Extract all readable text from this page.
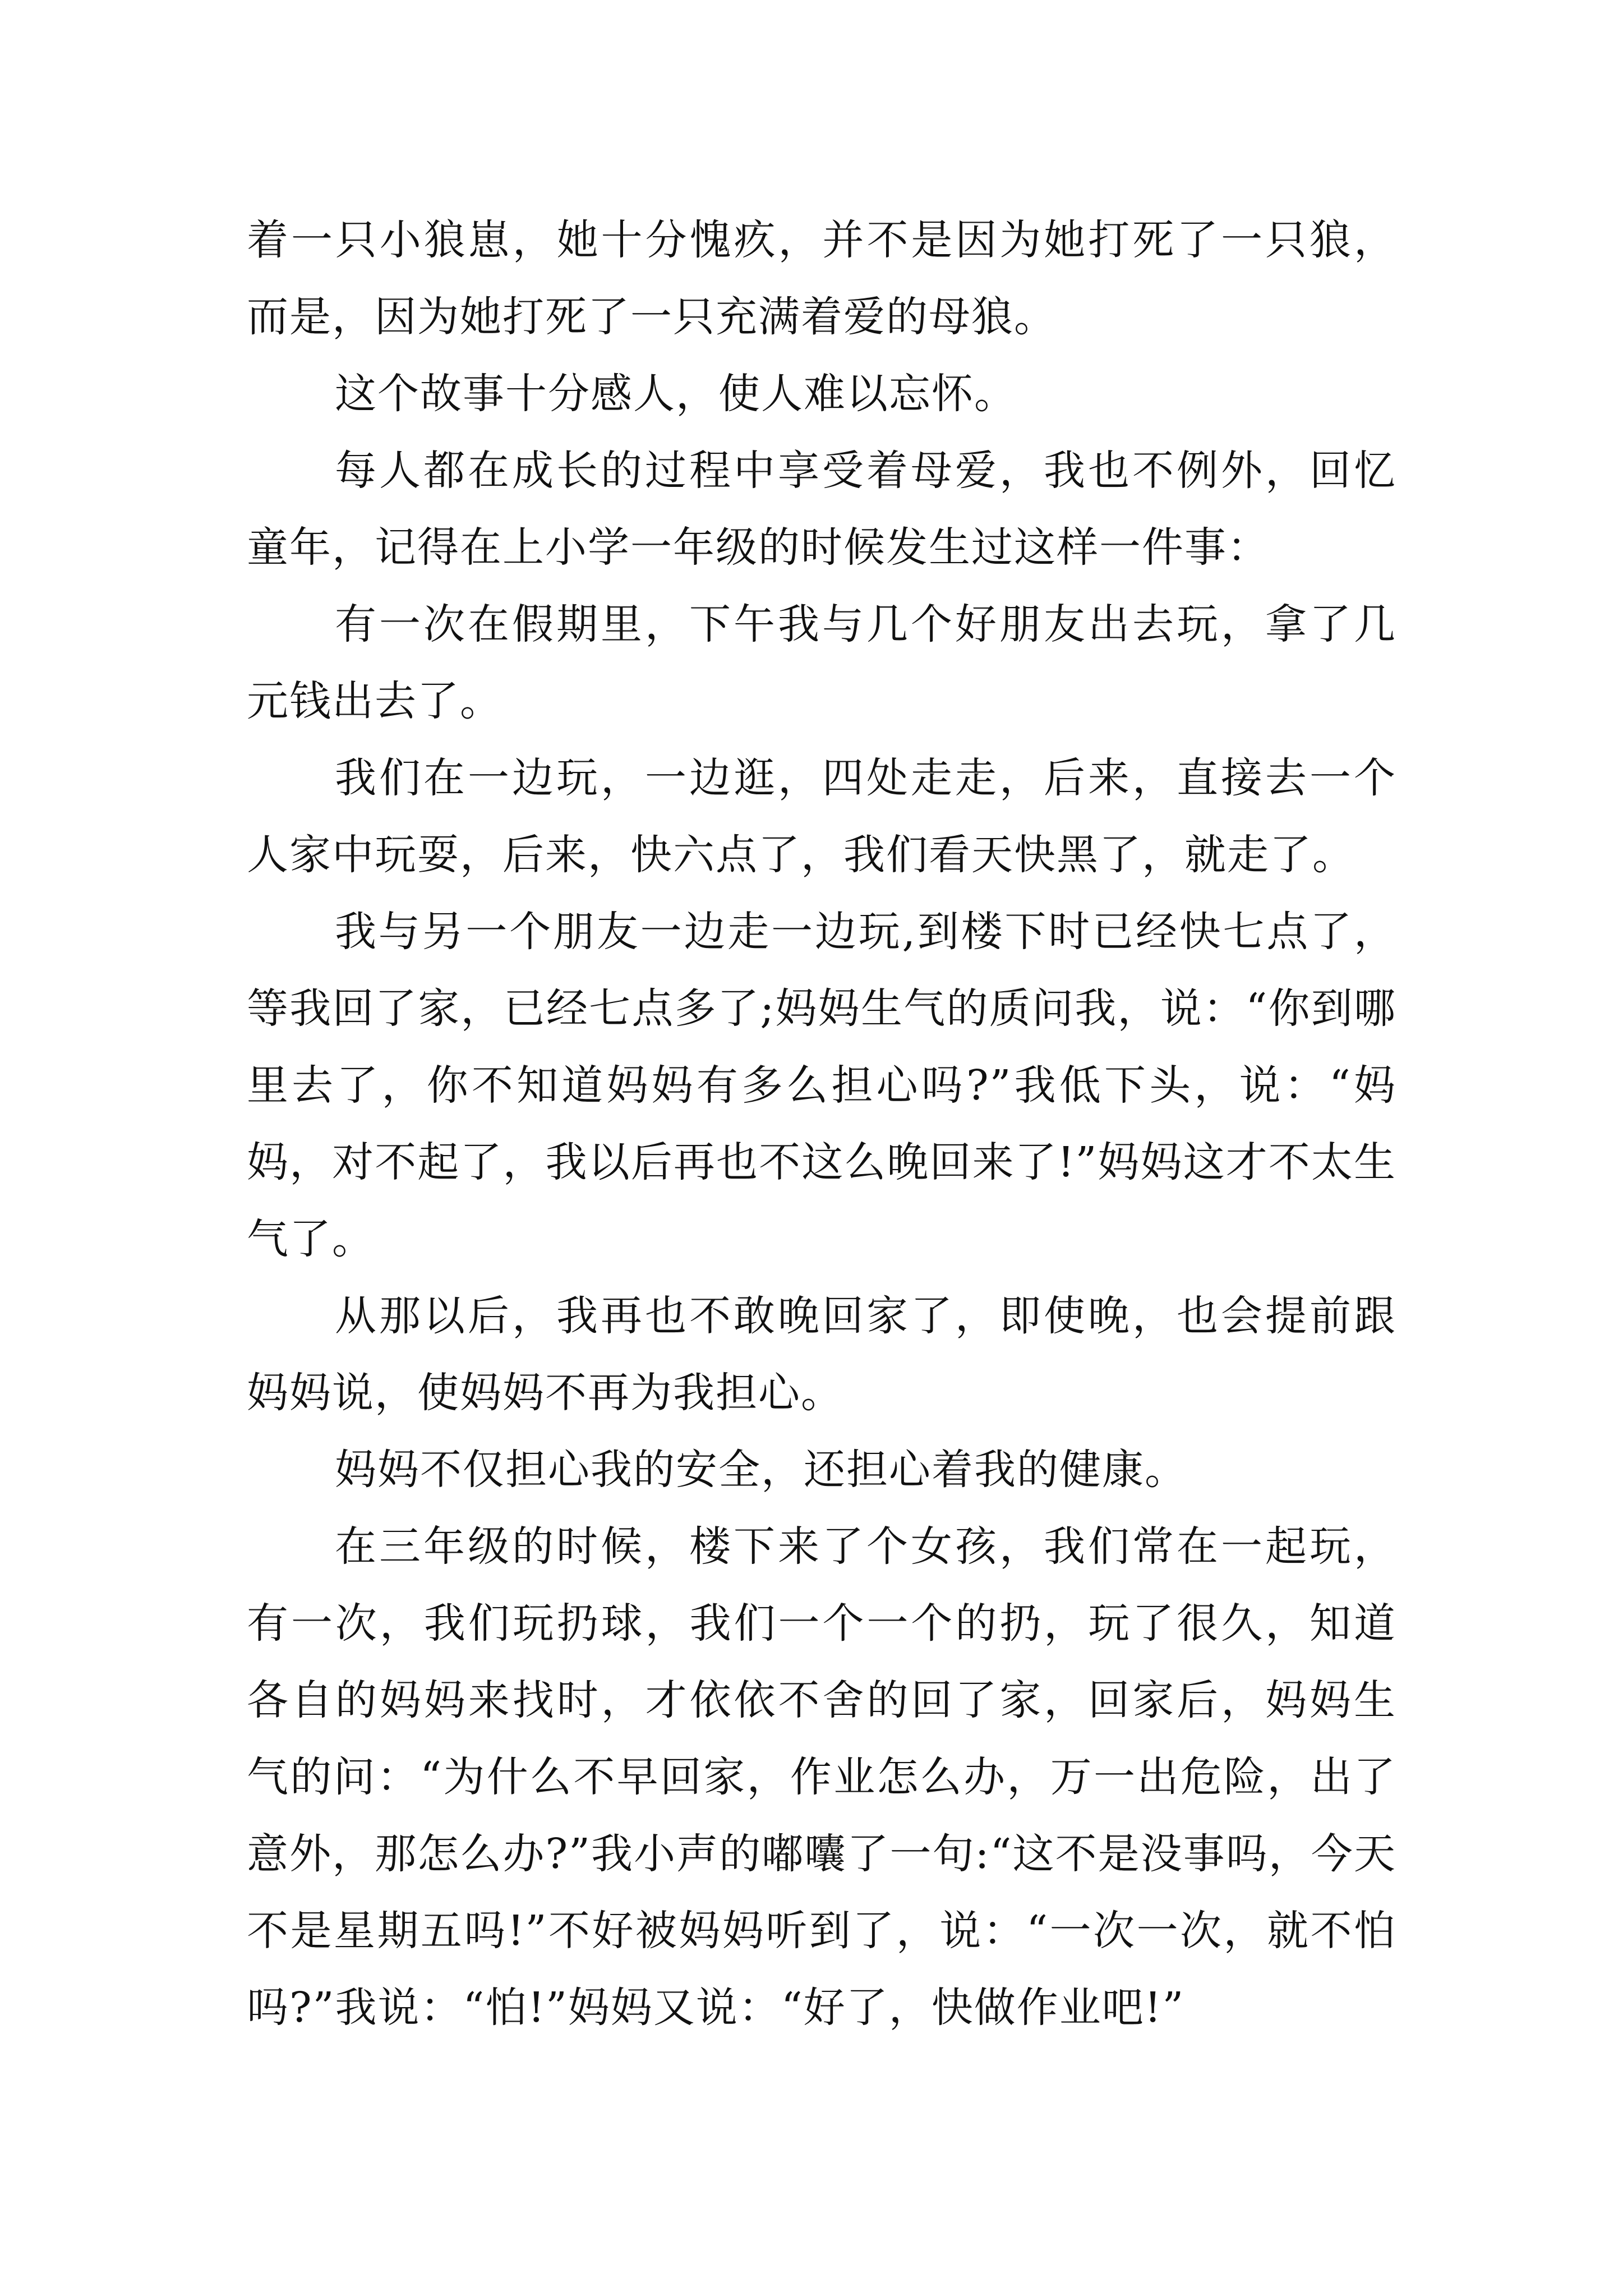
着一只小狼崽，她十分愧疚，并不是因为她打死了一只狼，而是，因为她打死了一只充满着爱的母狼。

这个故事十分感人，使人难以忘怀。

每人都在成长的过程中享受着母爱，我也不例外，回忆童年，记得在上小学一年级的时候发生过这样一件事：

有一次在假期里，下午我与几个好朋友出去玩，拿了几元钱出去了。

我们在一边玩，一边逛，四处走走，后来，直接去一个人家中玩耍，后来，快六点了，我们看天快黑了，就走了。

我与另一个朋友一边走一边玩,到楼下时已经快七点了，等我回了家，已经七点多了;妈妈生气的质问我，说：“你到哪里去了，你不知道妈妈有多么担心吗?”我低下头，说：“妈妈，对不起了，我以后再也不这么晚回来了!”妈妈这才不太生气了。

从那以后，我再也不敢晚回家了，即使晚，也会提前跟妈妈说，使妈妈不再为我担心。

妈妈不仅担心我的安全，还担心着我的健康。

在三年级的时候，楼下来了个女孩，我们常在一起玩，有一次，我们玩扔球，我们一个一个的扔，玩了很久，知道各自的妈妈来找时，才依依不舍的回了家，回家后，妈妈生气的问：“为什么不早回家，作业怎么办，万一出危险，出了意外，那怎么办?”我小声的嘟囔了一句:“这不是没事吗，今天不是星期五吗!”不好被妈妈听到了，说：“一次一次，就不怕吗?”我说：“怕!”妈妈又说：“好了，快做作业吧!”
